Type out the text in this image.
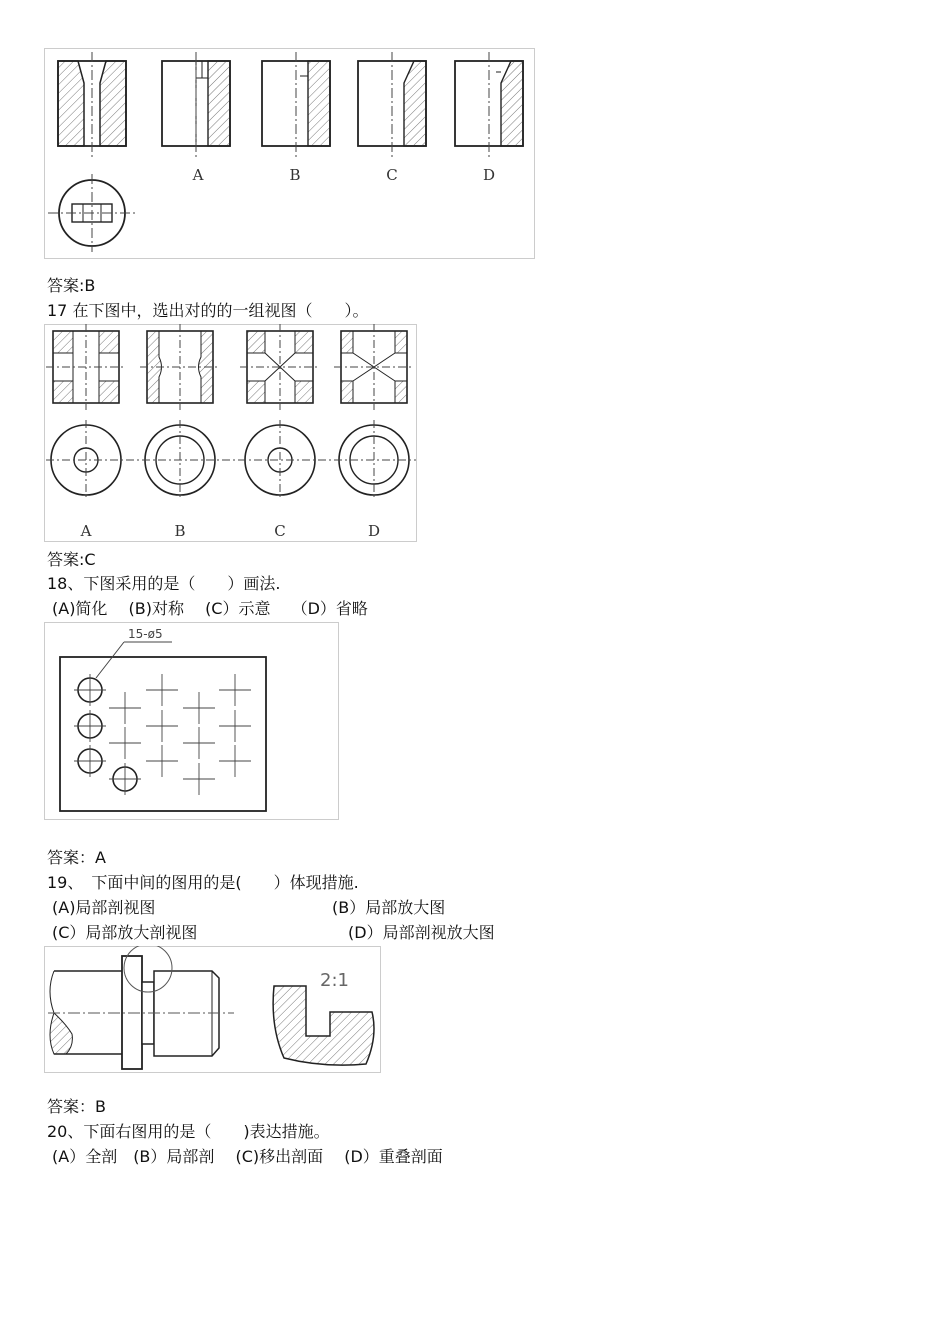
A	B	C	D
答案:B
17 在下图中，选出对的的一组视图（　　）。
A	B	C	D
答案:C
18、下图采用的是（　　）画法.
(A)简化　 (B)对称　 (C）示意　 （D）省略
15-ø5
答案：A
19、　下面中间的图用的是(　　）体现措施.
(A)局部剖视图	(B）局部放大图
(C）局部放大剖视图	(D）局部剖视放大图
2:1
答案：B
20、下面右图用的是（　　)表达措施。
(A）全剖　(B）局部剖　 (C)移出剖面　 (D）重叠剖面
